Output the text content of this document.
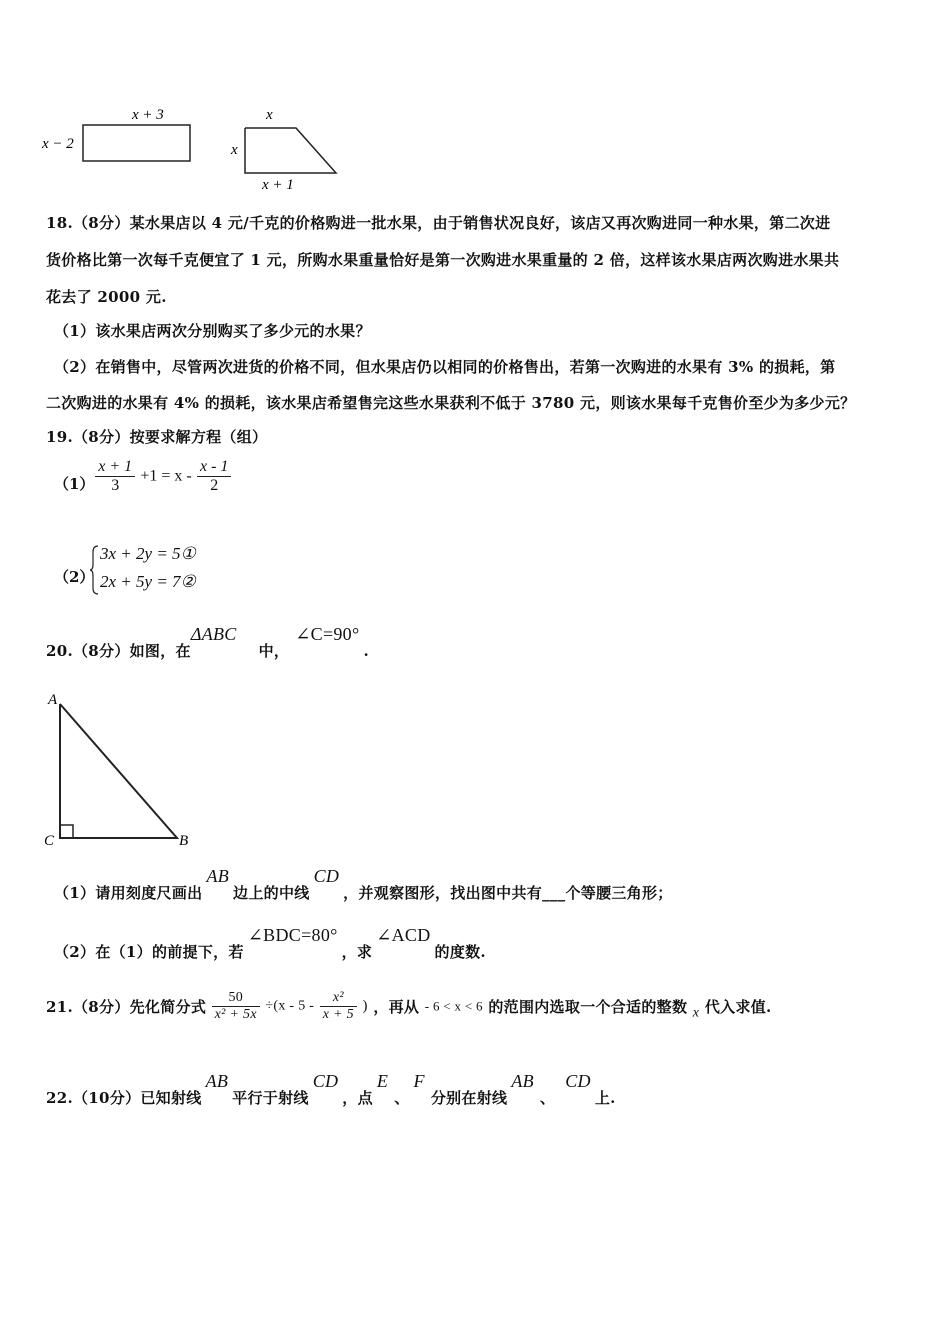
x + 3
x − 2
x
x
x + 1
18.（8分）某水果店以 4 元/千克的价格购进一批水果，由于销售状况良好，该店又再次购进同一种水果，第二次进
货价格比第一次每千克便宜了 1 元，所购水果重量恰好是第一次购进水果重量的 2 倍，这样该水果店两次购进水果共
花去了 2000 元.
（1）该水果店两次分别购买了多少元的水果？
（2）在销售中，尽管两次进货的价格不同，但水果店仍以相同的价格售出，若第一次购进的水果有 3% 的损耗，第
二次购进的水果有 4% 的损耗，该水果店希望售完这些水果获利不低于 3780 元，则该水果每千克售价至少为多少元？
19.（8分）按要求解方程（组）
$(1) \frac{x + 1}{3} +1 = x - \frac{x - 1}{2}$
（2）
3x + 2y = 5①
2x + 5y = 7②
20.（8分）如图，在ΔABC中，∠C=90°.
A
C	B
（1）请用刻度尺画出AB边上的中线CD，并观察图形，找出图中共有___个等腰三角形；
（2）在（1）的前提下，若∠BDC=80°，求∠ACD的度数.
21.（8分）先化简分式 $\frac{50}{\text{x² + 5x}} \div(x - 5 - \frac{\text{x²}}{x + 5}$ ) ，再从 - 6 < x < 6 的范围内选取一个合适的整数 x 代入求值.
22.（10分）已知射线AB平行于射线CD，点E、F分别在射线AB、CD上.
